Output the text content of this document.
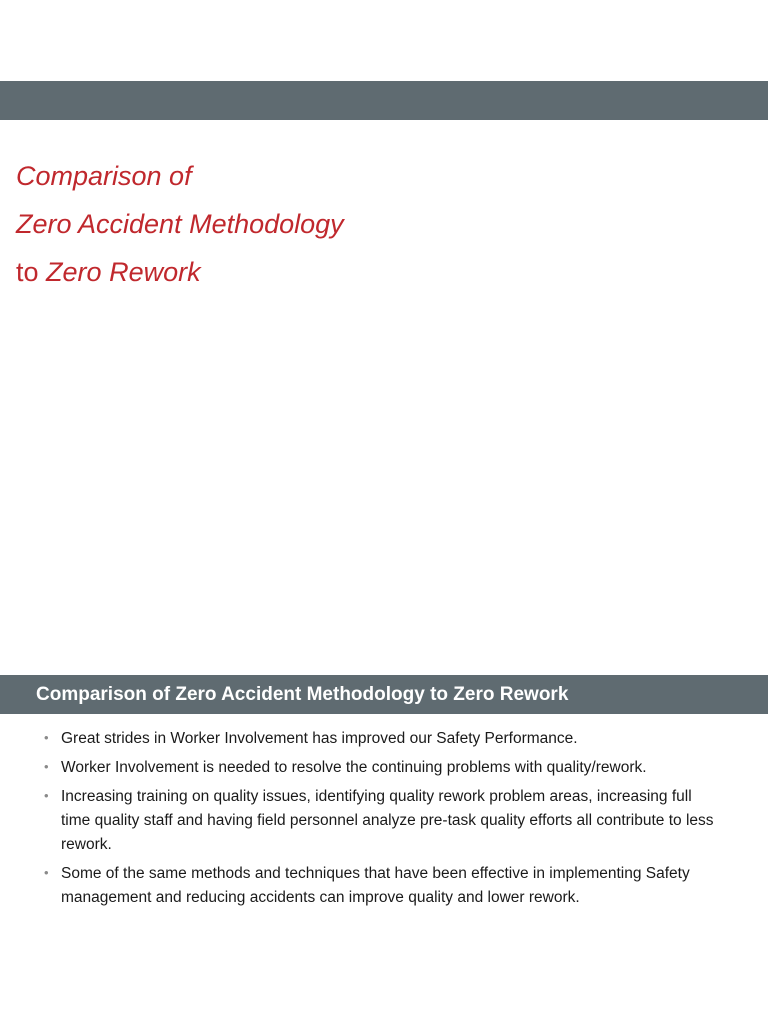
Comparison of
Zero Accident Methodology
to Zero Rework
Comparison of Zero Accident Methodology to Zero Rework
• Great strides in Worker Involvement has improved our Safety Performance.
• Worker Involvement is needed to resolve the continuing problems with quality/rework.
• Increasing training on quality issues, identifying quality rework problem areas, increasing full time quality staff and having field personnel analyze pre-task quality efforts all contribute to less rework.
• Some of the same methods and techniques that have been effective in implementing Safety management and reducing accidents can improve quality and lower rework.
